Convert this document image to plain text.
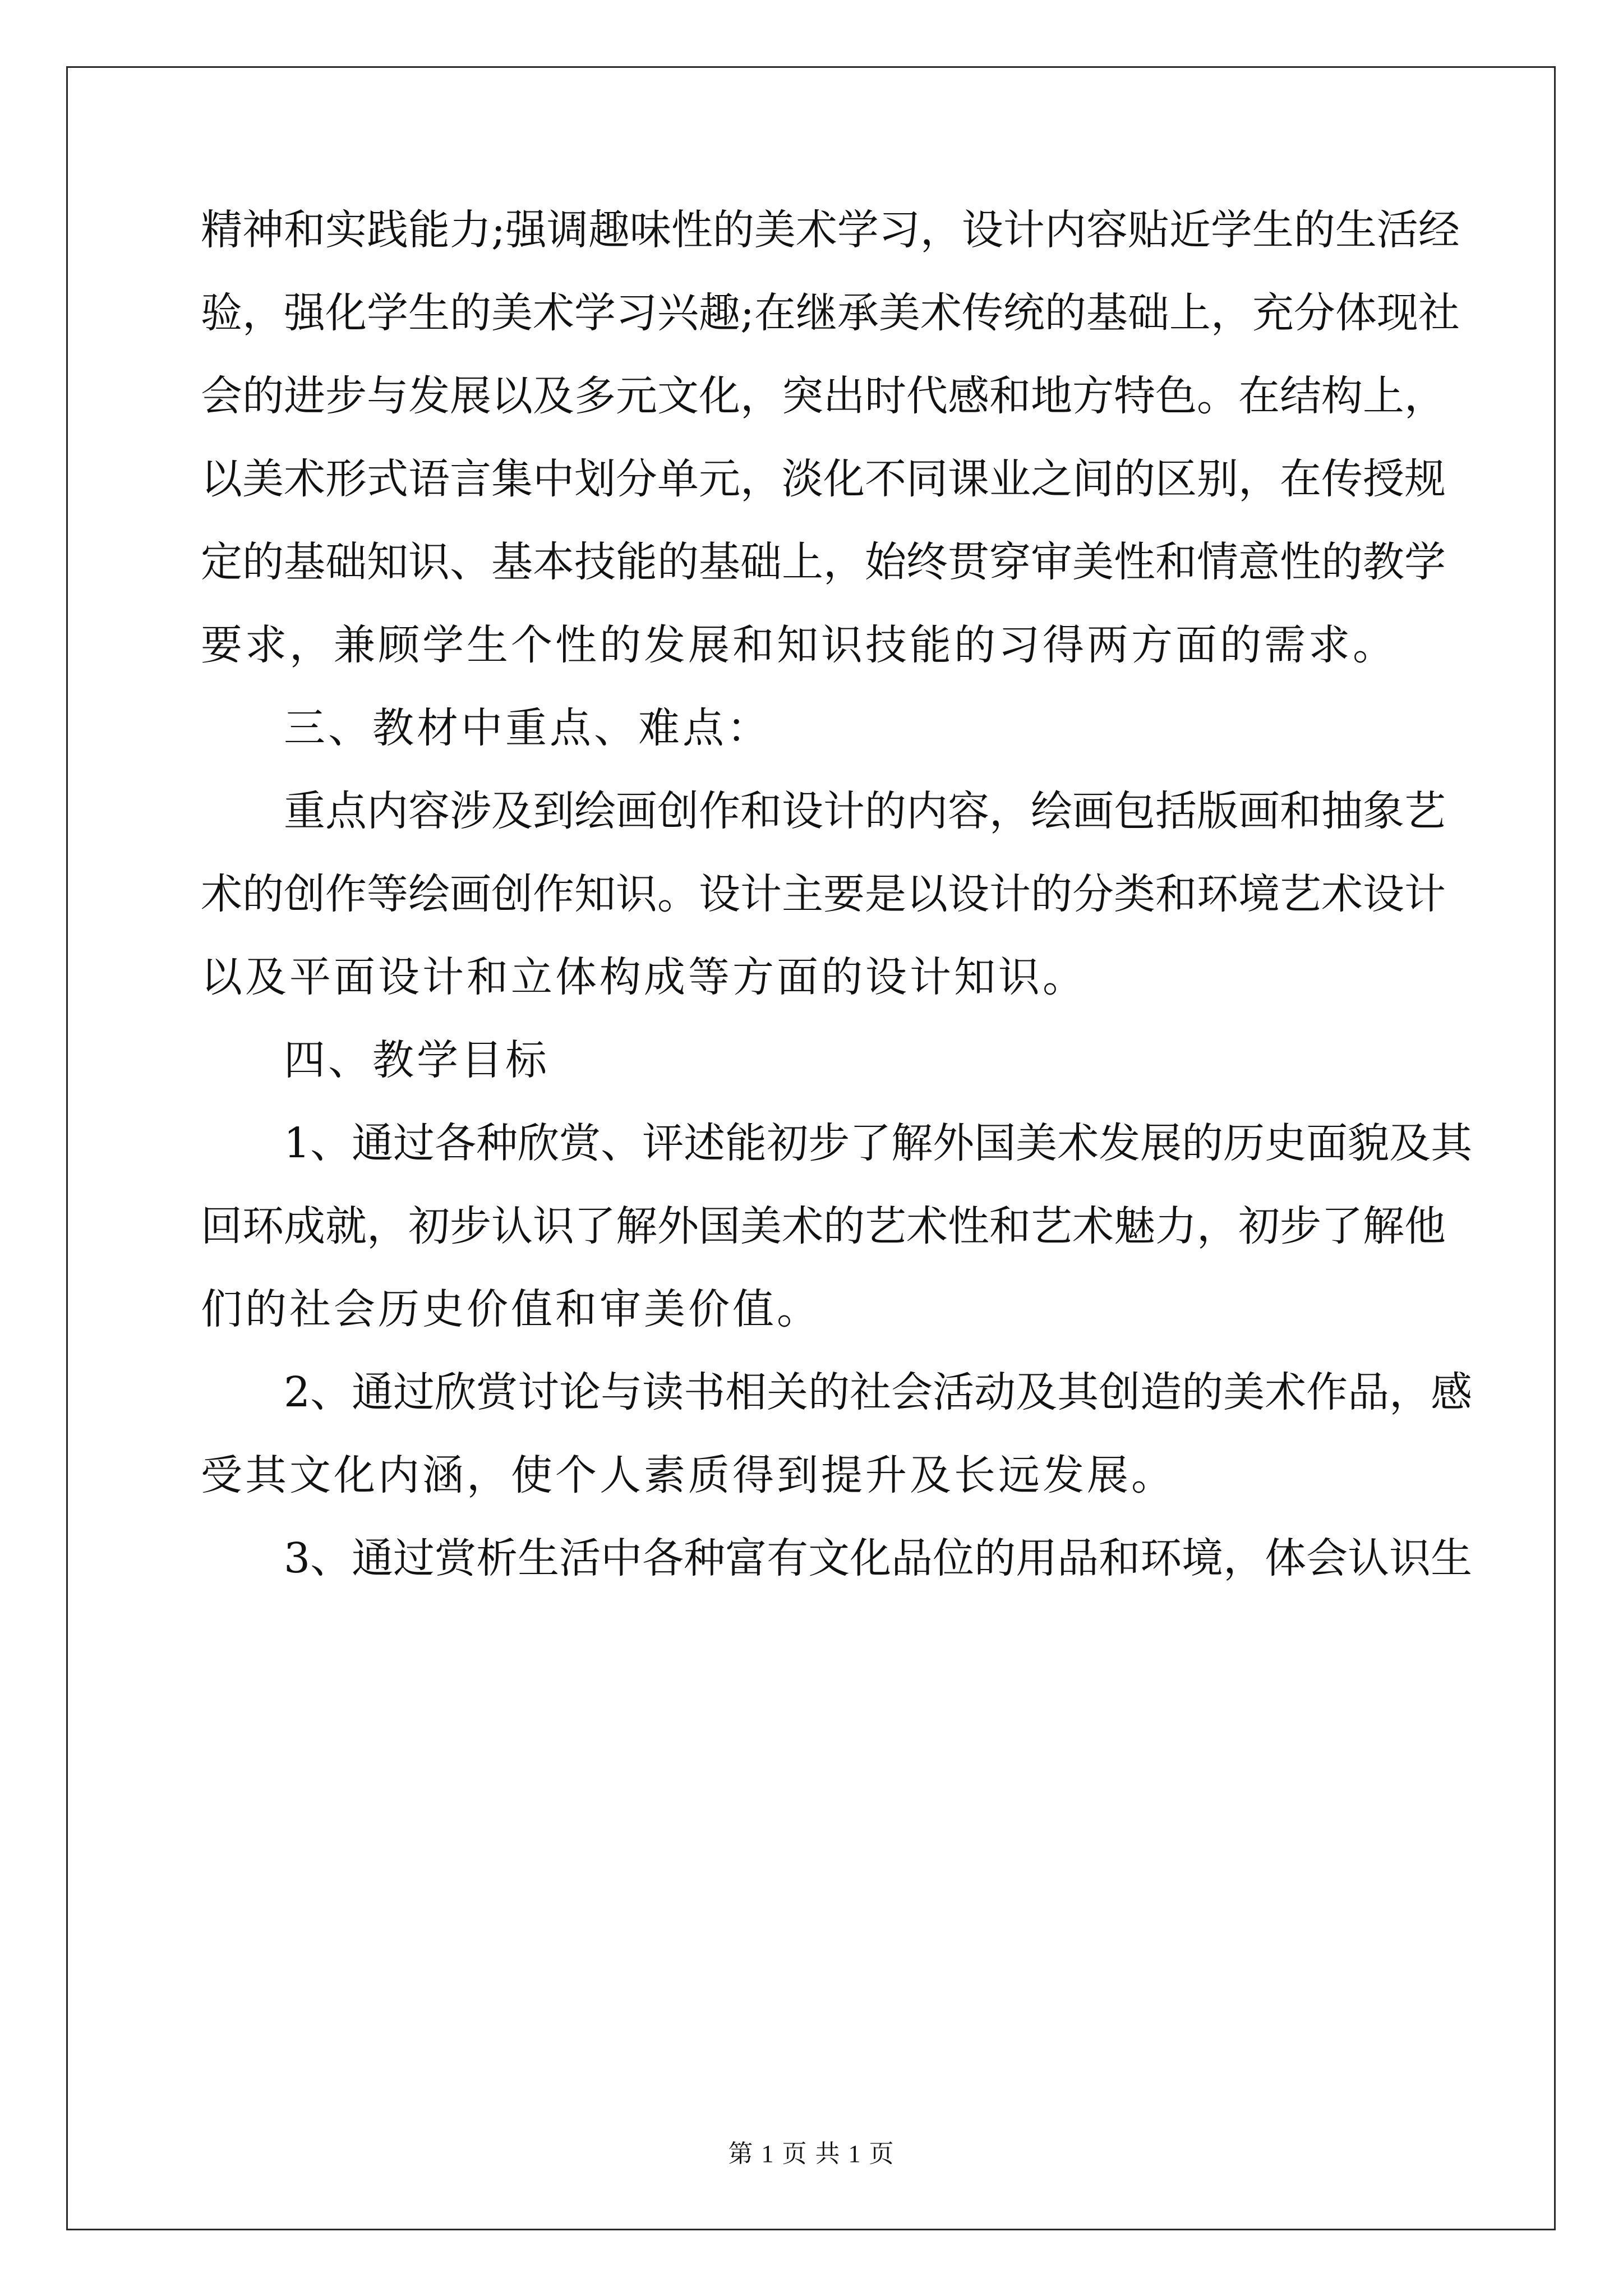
精神和实践能力;强调趣味性的美术学习，设计内容贴近学生的生活经
验，强化学生的美术学习兴趣;在继承美术传统的基础上，充分体现社
会的进步与发展以及多元文化，突出时代感和地方特色。在结构上，
以美术形式语言集中划分单元，淡化不同课业之间的区别，在传授规
定的基础知识、基本技能的基础上，始终贯穿审美性和情意性的教学
要求，兼顾学生个性的发展和知识技能的习得两方面的需求。
三、教材中重点、难点：
重点内容涉及到绘画创作和设计的内容，绘画包括版画和抽象艺
术的创作等绘画创作知识。设计主要是以设计的分类和环境艺术设计
以及平面设计和立体构成等方面的设计知识。
四、教学目标
1、通过各种欣赏、评述能初步了解外国美术发展的历史面貌及其
回环成就，初步认识了解外国美术的艺术性和艺术魅力，初步了解他
们的社会历史价值和审美价值。
2、通过欣赏讨论与读书相关的社会活动及其创造的美术作品，感
受其文化内涵，使个人素质得到提升及长远发展。
3、通过赏析生活中各种富有文化品位的用品和环境，体会认识生
第 1 页 共 1 页
